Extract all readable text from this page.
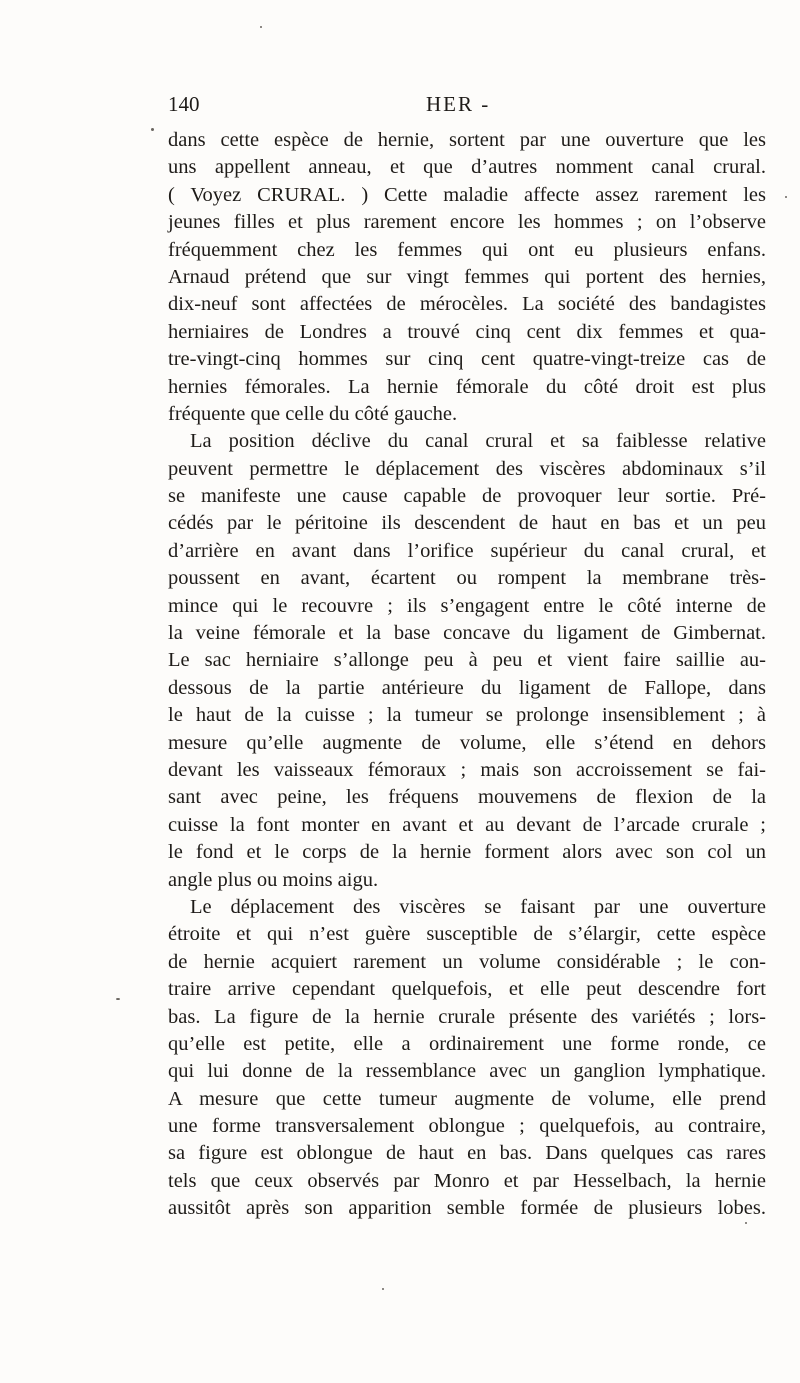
140	HER -
dans cette espèce de hernie, sortent par une ouverture que les
uns appellent anneau, et que d’autres nomment canal crural.
( Voyez CRURAL. ) Cette maladie affecte assez rarement les
jeunes filles et plus rarement encore les hommes ; on l’observe
fréquemment chez les femmes qui ont eu plusieurs enfans.
Arnaud prétend que sur vingt femmes qui portent des hernies,
dix-neuf sont affectées de mérocèles. La société des bandagistes
herniaires de Londres a trouvé cinq cent dix femmes et qua-
tre-vingt-cinq hommes sur cinq cent quatre-vingt-treize cas de
hernies fémorales. La hernie fémorale du côté droit est plus
fréquente que celle du côté gauche.
La position déclive du canal crural et sa faiblesse relative
peuvent permettre le déplacement des viscères abdominaux s’il
se manifeste une cause capable de provoquer leur sortie. Pré-
cédés par le péritoine ils descendent de haut en bas et un peu
d’arrière en avant dans l’orifice supérieur du canal crural, et
poussent en avant, écartent ou rompent la membrane très-
mince qui le recouvre ; ils s’engagent entre le côté interne de
la veine fémorale et la base concave du ligament de Gimbernat.
Le sac herniaire s’allonge peu à peu et vient faire saillie au-
dessous de la partie antérieure du ligament de Fallope, dans
le haut de la cuisse ; la tumeur se prolonge insensiblement ; à
mesure qu’elle augmente de volume, elle s’étend en dehors
devant les vaisseaux fémoraux ; mais son accroissement se fai-
sant avec peine, les fréquens mouvemens de flexion de la
cuisse la font monter en avant et au devant de l’arcade crurale ;
le fond et le corps de la hernie forment alors avec son col un
angle plus ou moins aigu.
Le déplacement des viscères se faisant par une ouverture
étroite et qui n’est guère susceptible de s’élargir, cette espèce
de hernie acquiert rarement un volume considérable ; le con-
traire arrive cependant quelquefois, et elle peut descendre fort
bas. La figure de la hernie crurale présente des variétés ; lors-
qu’elle est petite, elle a ordinairement une forme ronde, ce
qui lui donne de la ressemblance avec un ganglion lymphatique.
A mesure que cette tumeur augmente de volume, elle prend
une forme transversalement oblongue ; quelquefois, au contraire,
sa figure est oblongue de haut en bas. Dans quelques cas rares
tels que ceux observés par Monro et par Hesselbach, la hernie
aussitôt après son apparition semble formée de plusieurs lobes.
